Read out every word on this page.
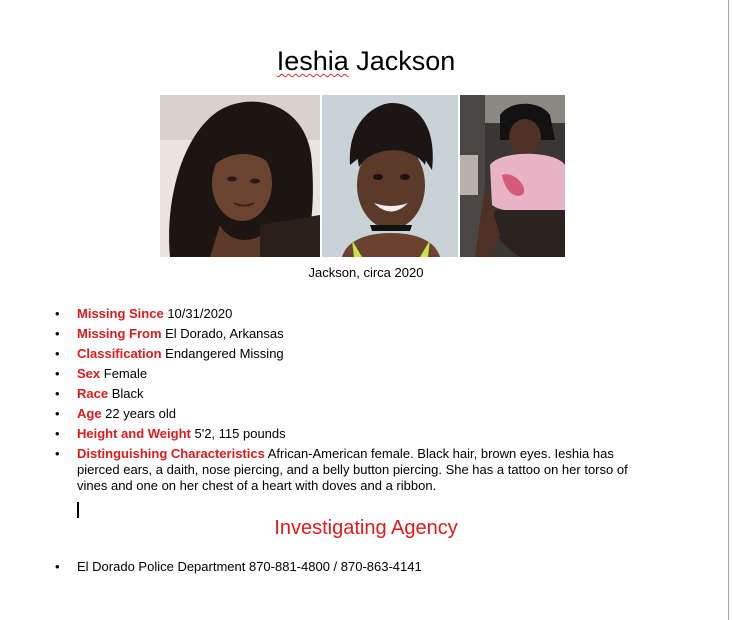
Ieshia Jackson
Jackson, circa 2020
• Missing Since 10/31/2020
• Missing From El Dorado, Arkansas
• Classification Endangered Missing
• Sex Female
• Race Black
• Age 22 years old
• Height and Weight 5'2, 115 pounds
• Distinguishing Characteristics African-American female. Black hair, brown eyes. Ieshia has pierced ears, a daith, nose piercing, and a belly button piercing. She has a tattoo on her torso of vines and one on her chest of a heart with doves and a ribbon.
Investigating Agency
• El Dorado Police Department 870-881-4800 / 870-863-4141
